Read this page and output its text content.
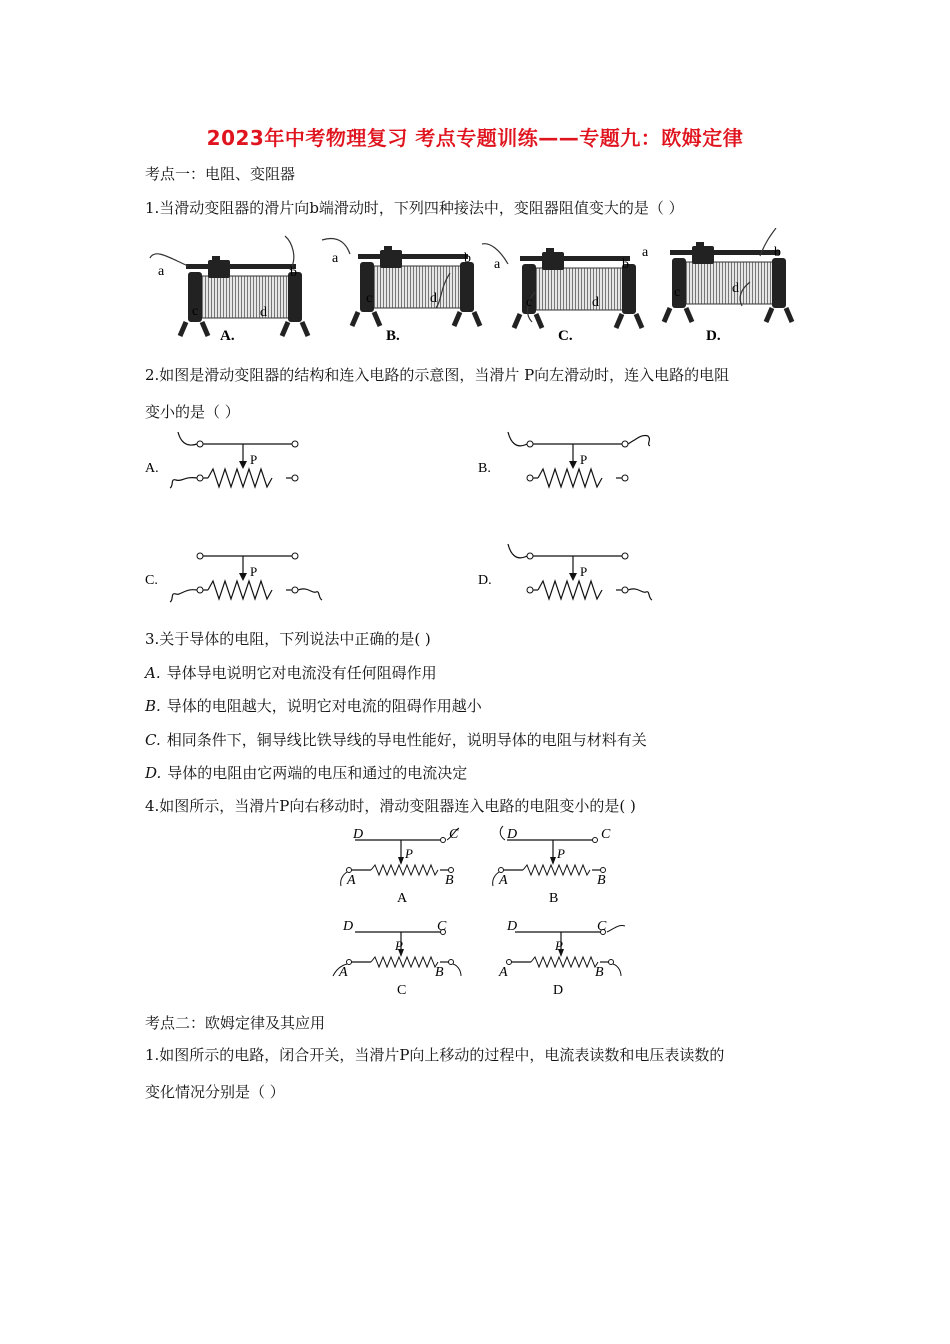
2023年中考物理复习 考点专题训练——专题九：欧姆定律
考点一：电阻、变阻器
1.当滑动变阻器的滑片向b端滑动时，下列四种接法中，变阻器阻值变大的是（ ）
a	b
c	d
A.
a	b
c	d
B.
a	b
c	d
C.
a	b
c	d
D.
2.如图是滑动变阻器的结构和连入电路的示意图，当滑片 P向左滑动时，连入电路的电阻
变小的是（ ）
P
A.
P
B.
P
C.
P
D.
3.关于导体的电阻，下列说法中正确的是( )
A. 导体导电说明它对电流没有任何阻碍作用
B. 导体的电阻越大，说明它对电流的阻碍作用越小
C. 相同条件下，铜导线比铁导线的导电性能好，说明导体的电阻与材料有关
D. 导体的电阻由它两端的电压和通过的电流决定
4.如图所示，当滑片P向右移动时，滑动变阻器连入电路的电阻变小的是( )
D	C
A	B
P
A
D	C
A	B
P
B
D	C
A	B
P
C
D	C
A	B
P
D
考点二：欧姆定律及其应用
1.如图所示的电路，闭合开关，当滑片P向上移动的过程中，电流表读数和电压表读数的
变化情况分别是（ ）
